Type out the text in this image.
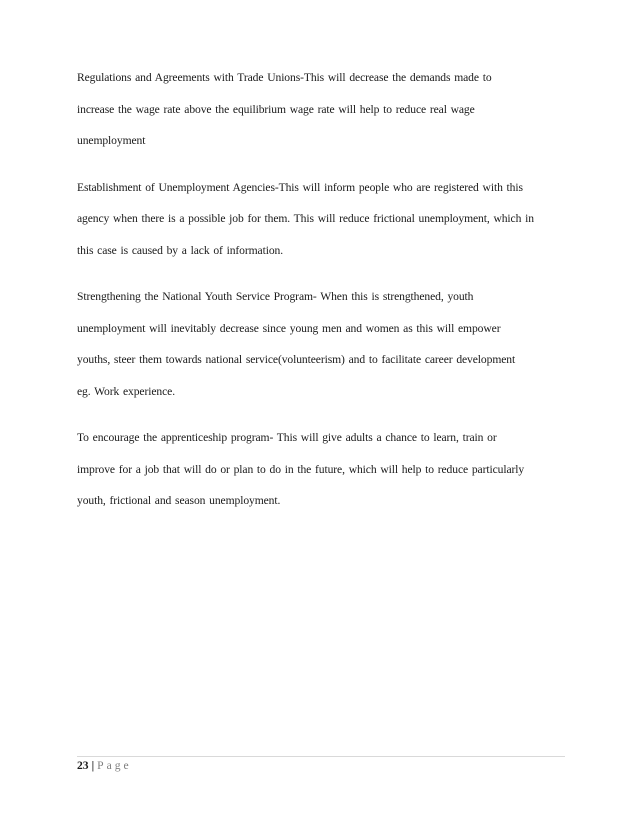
Regulations and Agreements with Trade Unions-This will decrease the demands made to
increase the wage rate above the equilibrium wage rate will help to reduce real wage
unemployment

Establishment of Unemployment Agencies-This will inform people who are registered with this
agency when there is a possible job for them. This will reduce frictional unemployment, which in
this case is caused by a lack of information.

Strengthening the National Youth Service Program- When this is strengthened, youth
unemployment will inevitably decrease since young men and women as this will empower
youths, steer them towards national service(volunteerism) and to facilitate career development
eg. Work experience.

To encourage the apprenticeship program- This will give adults a chance to learn, train or
improve for a job that will do or plan to do in the future, which will help to reduce particularly
youth, frictional and season unemployment.

23 | Page
